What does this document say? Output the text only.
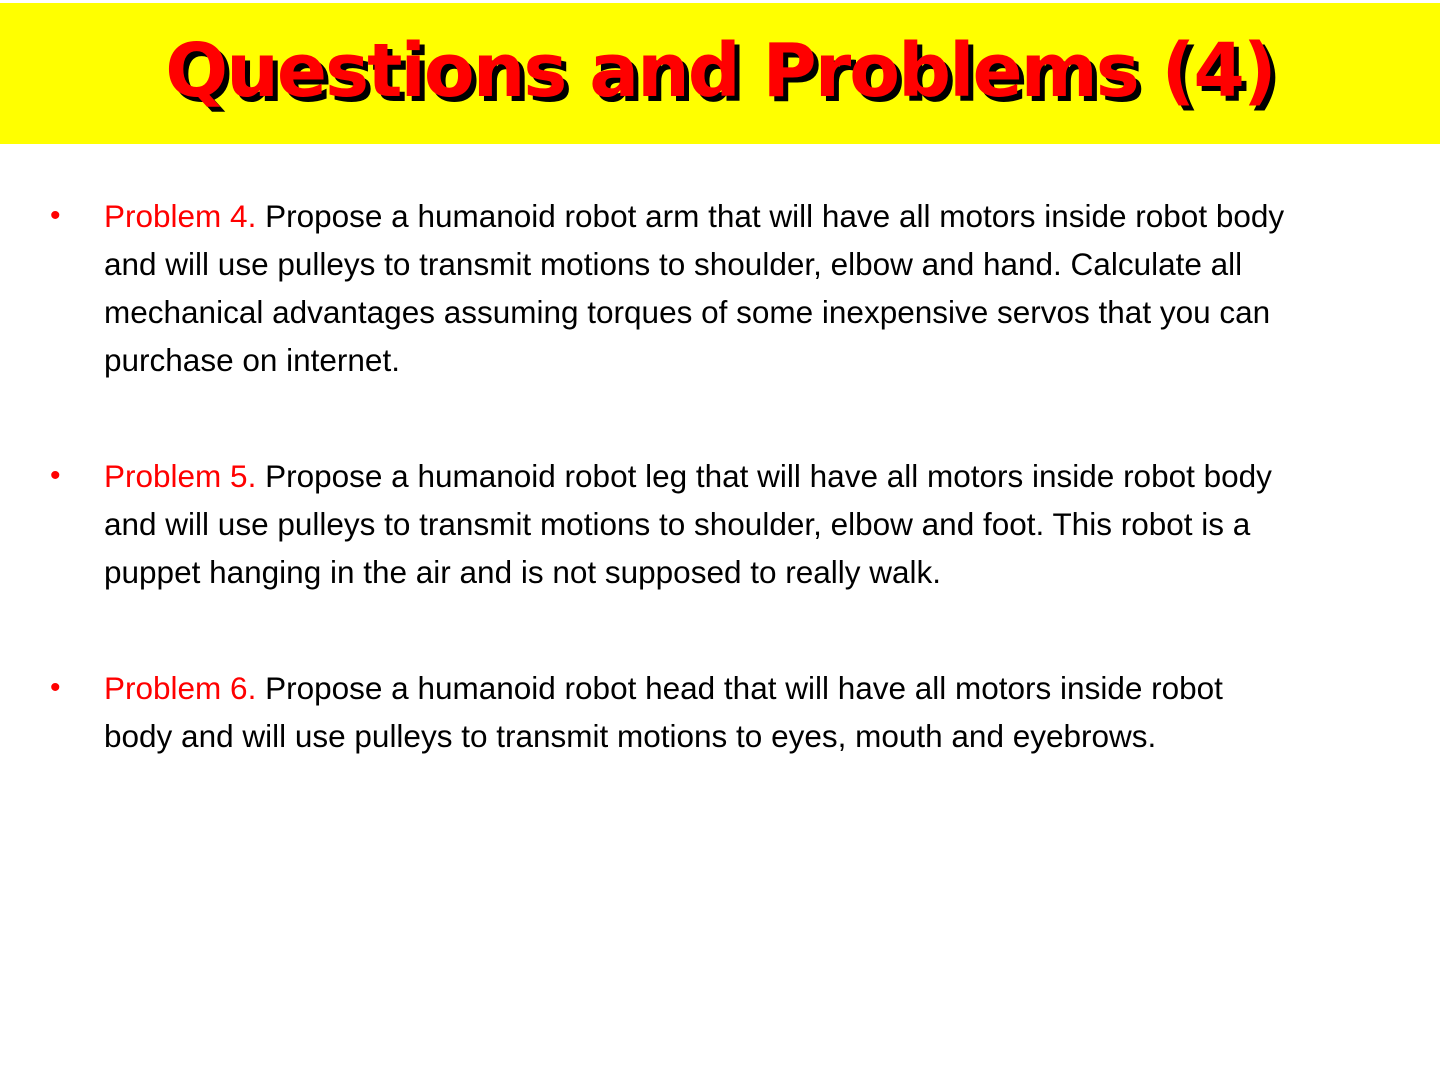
Questions and Problems (4)
• Problem 4. Propose a humanoid robot arm that will have all motors inside robot body and will use pulleys to transmit motions to shoulder, elbow and hand. Calculate all mechanical advantages assuming torques of some inexpensive servos that you can purchase on internet.
• Problem 5. Propose a humanoid robot leg that will have all motors inside robot body and will use pulleys to transmit motions to shoulder, elbow and foot. This robot is a puppet hanging in the air and is not supposed to really walk.
• Problem 6. Propose a humanoid robot head that will have all motors inside robot body and will use pulleys to transmit motions to eyes, mouth and eyebrows.
